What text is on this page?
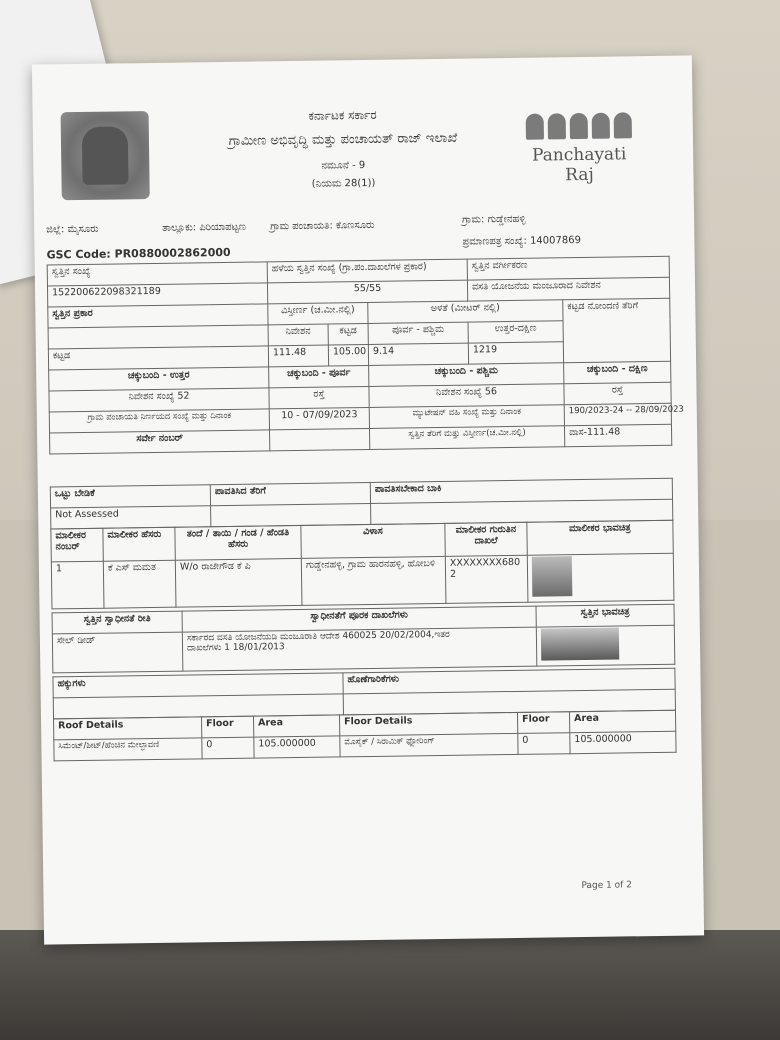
Panchayati Raj
ಕರ್ನಾಟಕ ಸರ್ಕಾರ
ಗ್ರಾಮೀಣ ಅಭಿವೃದ್ಧಿ ಮತ್ತು ಪಂಚಾಯತ್ ರಾಜ್ ಇಲಾಖೆ
ನಮೂನೆ - 9
(ನಿಯಮ 28(1))
ಜಿಲ್ಲೆ: ಮೈಸೂರು	ತಾಲ್ಲೂಕು: ಪಿರಿಯಾಪಟ್ಟಣ ಗ್ರಾಮ ಪಂಚಾಯತಿ: ಕೊಣಸೂರು
ಗ್ರಾಮ: ಗುಡ್ಡೇನಹಳ್ಳಿ
GSC Code: PR0880002862000
ಪ್ರಮಾಣಪತ್ರ ಸಂಖ್ಯೆ: 14007869
ಸ್ವತ್ತಿನ ಸಂಖ್ಯೆ	ಹಳೆಯ ಸ್ವತ್ತಿನ ಸಂಖ್ಯೆ (ಗ್ರಾ.ಪಂ.ದಾಖಲೆಗಳ ಪ್ರಕಾರ)			ಸ್ವತ್ತಿನ ವರ್ಗೀಕರಣ	
152200622098321189	55/55			ವಸತಿ ಯೋಜನೆಯ ಮಂಜೂರಾದ ನಿವೇಶನ	
ಸ್ವತ್ತಿನ ಪ್ರಕಾರ	ವಿಸ್ತೀರ್ಣ (ಚ.ಮೀ.ನಲ್ಲಿ)		ಅಳತೆ (ಮೀಟರ್ ನಲ್ಲಿ)		ಕಟ್ಟಡ ನೋಂದಣಿ ತೆರಿಗೆ
	ನಿವೇಶನ	ಕಟ್ಟಡ	ಪೂರ್ವ - ಪಶ್ಚಿಮ	ಉತ್ತರ-ದಕ್ಷಿಣ	
ಕಟ್ಟಡ	111.48	105.00	9.14	1219	
ಚಕ್ಕುಬಂದಿ - ಉತ್ತರ	ಚಕ್ಕುಬಂದಿ - ಪೂರ್ವ		ಚಕ್ಕುಬಂದಿ - ಪಶ್ಚಿಮ		ಚಕ್ಕುಬಂದಿ - ದಕ್ಷಿಣ
ನಿವೇಶನ ಸಂಖ್ಯೆ 52	ರಸ್ತೆ		ನಿವೇಶನ ಸಂಖ್ಯೆ 56		ರಸ್ತೆ
ಗ್ರಾಮ ಪಂಚಾಯತಿ ನಿರ್ಣಯದ ಸಂಖ್ಯೆ ಮತ್ತು ದಿನಾಂಕ	10 - 07/09/2023		ಮ್ಯುಟೇಷನ್ ವಹಿ ಸಂಖ್ಯೆ ಮತ್ತು ದಿನಾಂಕ		190/2023-24 -- 28/09/2023
ಸರ್ವೇ ನಂಬರ್			ಸ್ವತ್ತಿನ ತೆರಿಗೆ ಮತ್ತು ವಿಸ್ತೀರ್ಣ(ಚ.ಮೀ.ನಲ್ಲಿ)		ವಾಸ-111.48
ಒಟ್ಟು ಬೇಡಿಕೆ	ಪಾವತಿಸಿದ ತೆರಿಗೆ	ಪಾವತಿಸಬೇಕಾದ ಬಾಕಿ
Not Assessed		
ಮಾಲೀಕರ ನಂಬರ್	ಮಾಲೀಕರ ಹೆಸರು	ತಂದೆ / ತಾಯಿ / ಗಂಡ / ಹೆಂಡತಿ ಹೆಸರು	ವಿಳಾಸ	ಮಾಲೀಕರ ಗುರುತಿನ ದಾಖಲೆ	ಮಾಲೀಕರ ಭಾವಚಿತ್ರ
1	ಕೆ ಎಸ್ ಮಮತ	W/o ರಾಜೇಗೌಡ ಕೆ ಪಿ	ಗುಡ್ಡೇನಹಳ್ಳಿ, ಗ್ರಾಮ ಹಾರನಹಳ್ಳಿ, ಹೋಬಳಿ	XXXXXXXX6802	
ಸ್ವತ್ತಿನ ಸ್ವಾಧೀನತೆ ರೀತಿ	ಸ್ವಾಧೀನತೆಗೆ ಪೂರಕ ದಾಖಲೆಗಳು	ಸ್ವತ್ತಿನ ಭಾವಚಿತ್ರ
ಸೇಲ್ ಡೀಡ್	ಸರ್ಕಾರದ ವಸತಿ ಯೋಜನೆಯಡಿ ಮಂಜೂರಾತಿ ಆದೇಶ 460025 20/02/2004,ಇತರ
ದಾಖಲೆಗಳು 1 18/01/2013	

ಹಕ್ಕುಗಳು	ಹೊಣೆಗಾರಿಕೆಗಳು

Roof Details	Floor	Area	Floor Details	Floor	Area
ಸಿಮೆಂಟ್/ಶೀಟ್/ಹೆಂಚಿನ ಮೇಲ್ಛಾವಣಿ	0	105.000000	ಮೊಸೈಕ್ / ಸಿರಾಮಿಕ್ ಫ್ಲೋರಿಂಗ್	0	105.000000
Page 1 of 2
